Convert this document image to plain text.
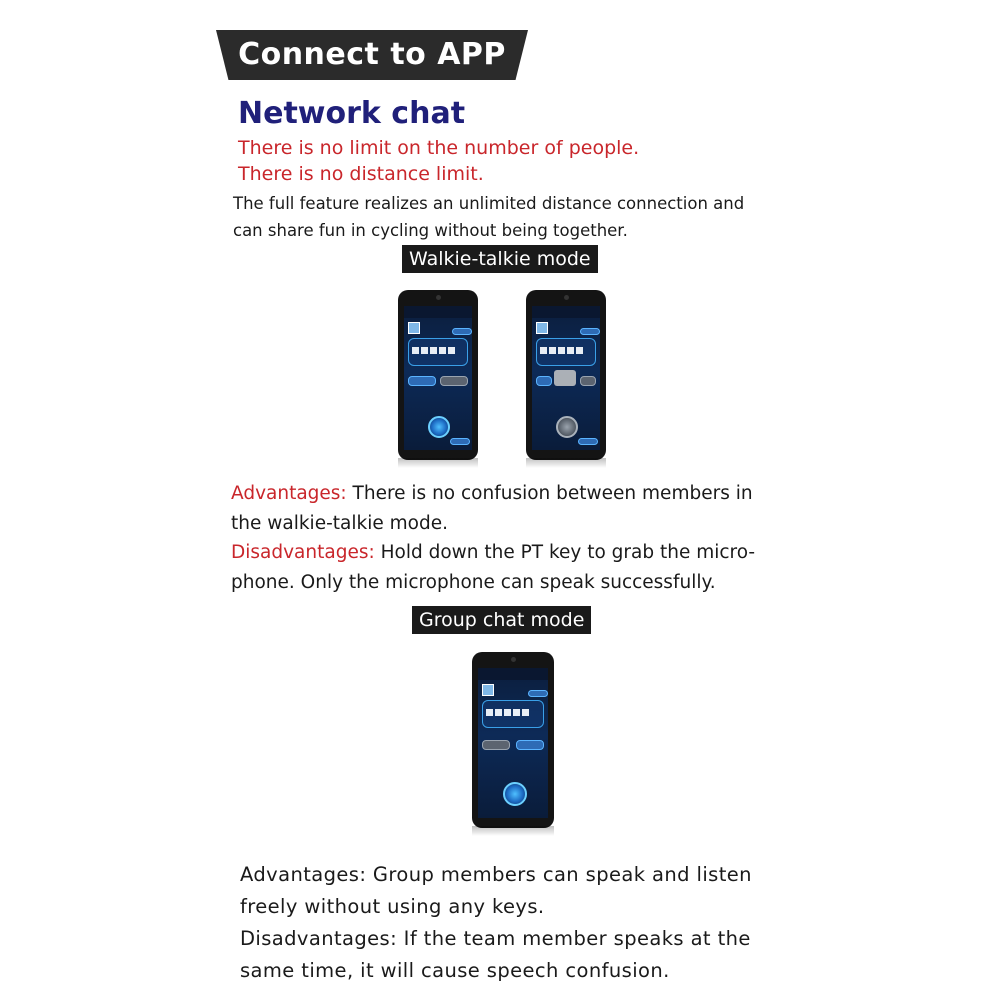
Connect to APP
Network chat
There is no limit on the number of people.
There is no distance limit.
The full feature realizes an unlimited distance connection and
can share fun in cycling without being together.
Walkie-talkie mode
Advantages: There is no confusion between members in
the walkie-talkie mode.
Disadvantages: Hold down the PT key to grab the micro-
phone. Only the microphone can speak successfully.
Group chat mode
Advantages: Group members can speak and listen
freely without using any keys.
Disadvantages: If the team member speaks at the
same time, it will cause speech confusion.
